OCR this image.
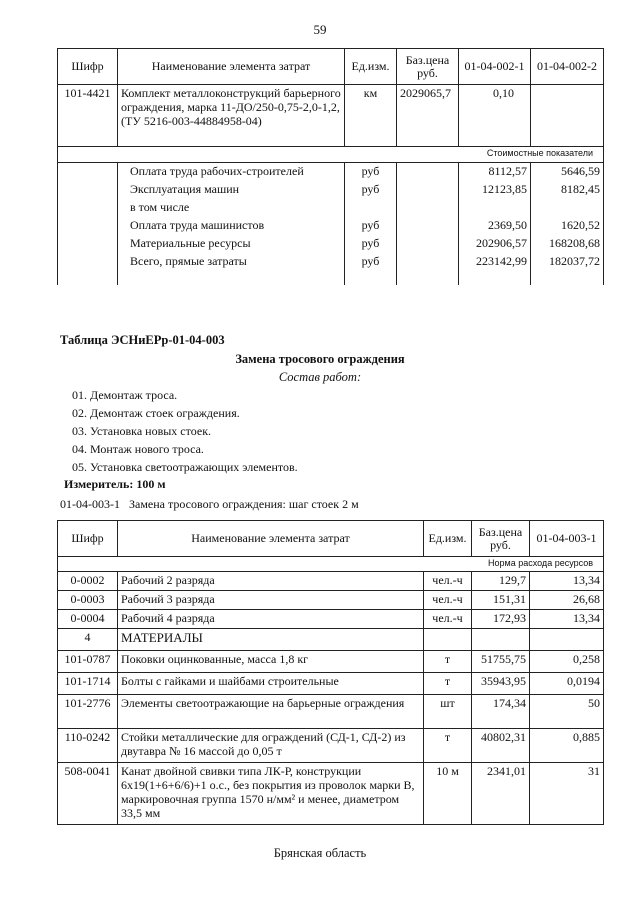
59
Шифр	Наименование элемента затрат	Ед.изм.	Баз.цена руб.	01-04-002-1	01-04-002-2
101-4421	Комплект металлоконструкций барьерного ограждения, марка 11-ДО/250-0,75-2,0-1,2, (ТУ 5216-003-44884958-04)	км	2029065,7	0,10	
Стоимостные показатели					
	Оплата труда рабочих-строителей	руб		8112,57	5646,59
	Эксплуатация машин	руб		12123,85	8182,45
	в том числе				
	Оплата труда машинистов	руб		2369,50	1620,52
	Материальные ресурсы	руб		202906,57	168208,68
	Всего, прямые затраты	руб		223142,99	182037,72
Таблица ЭСНиЕРр-01-04-003
Замена тросового ограждения
Состав работ:
01. Демонтаж троса.
02. Демонтаж стоек ограждения.
03. Установка новых стоек.
04. Монтаж нового троса.
05. Установка светоотражающих элементов.
Измеритель: 100 м
01-04-003-1   Замена тросового ограждения: шаг стоек 2 м
Шифр	Наименование элемента затрат	Ед.изм.	Баз.цена руб.	01-04-003-1
Норма расхода ресурсов				
0-0002	Рабочий 2 разряда	чел.-ч	129,7	13,34
0-0003	Рабочий 3 разряда	чел.-ч	151,31	26,68
0-0004	Рабочий 4 разряда	чел.-ч	172,93	13,34
4	МАТЕРИАЛЫ			
101-0787	Поковки оцинкованные, масса 1,8 кг	т	51755,75	0,258
101-1714	Болты с гайками и шайбами строительные	т	35943,95	0,0194
101-2776	Элементы светоотражающие на барьерные ограждения	шт	174,34	50
110-0242	Стойки металлические для ограждений (СД-1, СД-2) из двутавра № 16 массой до 0,05 т	т	40802,31	0,885
508-0041	Канат двойной свивки типа ЛК-Р, конструкции 6х19(1+6+6/6)+1 о.с., без покрытия из проволок марки В, маркировочная группа 1570 н/мм² и менее, диаметром 33,5 мм	10 м	2341,01	31
Брянская область
